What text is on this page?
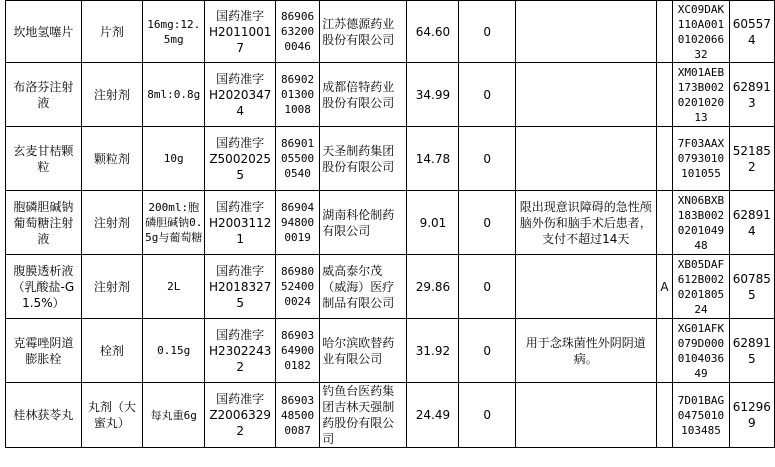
坎地氢噻片	片剂	16mg:12.5mg	国药准字
H20110017	86906632000046	江苏德源药业股份有限公司	64.60	0			XC09DAK110A001010206632	605574
布洛芬注射液	注射剂	8ml:0.8g	国药准字
H20203474	86902013001008	成都倍特药业股份有限公司	34.99	0			XM01AEB173B002020102013	628913
玄麦甘桔颗粒	颗粒剂	10g	国药准字
Z50020255	86901055000540	天圣制药集团股份有限公司	14.78	0			7F03AAX0793010101055	521852
胞磷胆碱钠葡萄糖注射液	注射剂	200ml:胞磷胆碱钠0.5g与葡萄糖	国药准字
H20031121	86904948000019	湖南科伦制药有限公司	9.01	0	限出现意识障碍的急性颅脑外伤和脑手术后患者，支付不超过14天		XN06BXB183B002020104948	628914
腹膜透析液（乳酸盐-G1.5%）	注射剂	2L	国药准字
H20183275	86980524000024	威高泰尔茂（威海）医疗制品有限公司	29.86	0		A	XB05DAF612B002020180524	607855
克霉唑阴道膨胀栓	栓剂	0.15g	国药准字
H23022432	86903649000182	哈尔滨欧替药业有限公司	31.92	0	用于念珠菌性外阴阴道病。		XG01AFK079D000010403649	628915
桂林获苓丸	丸剂（大蜜丸）	每丸重6g	国药准字
Z20063292	86903485000087	钓鱼台医药集团吉林天强制药股份有限公司	24.49	0			7D01BAG0475010103485	612969
